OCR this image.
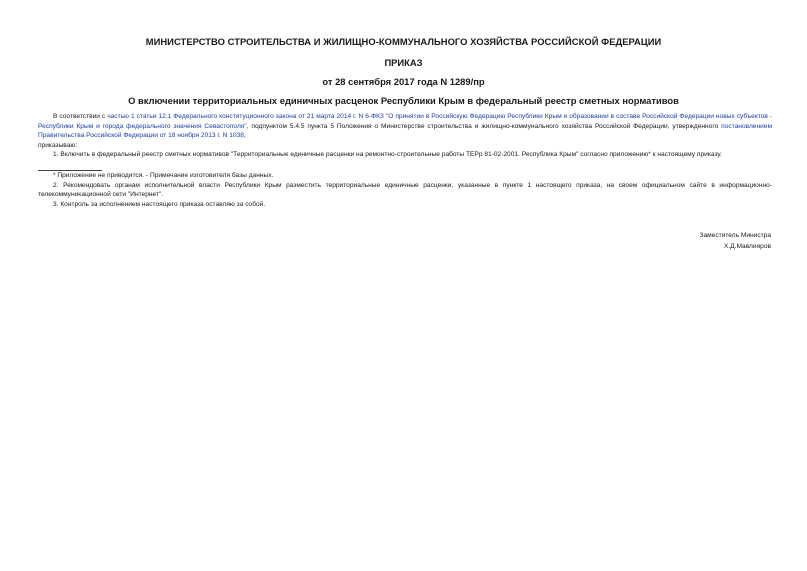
МИНИСТЕРСТВО СТРОИТЕЛЬСТВА И ЖИЛИЩНО-КОММУНАЛЬНОГО ХОЗЯЙСТВА РОССИЙСКОЙ ФЕДЕРАЦИИ
ПРИКАЗ
от 28 сентября 2017 года N 1289/пр
О включении территориальных единичных расценок Республики Крым в федеральный реестр сметных нормативов

В соответствии с частью 1 статьи 12.1 Федерального конституционного закона от 21 марта 2014 г. N 6-ФКЗ "О принятии в Российскую Федерацию Республики Крым и образовании в составе Российской Федерации новых субъектов - Республики Крым и города федерального значения Севастополя", подпунктом 5.4.5 пункта 5 Положения о Министерстве строительства и жилищно-коммунального хозяйства Российской Федерации, утвержденного постановлением Правительства Российской Федерации от 18 ноября 2013 г. N 1038,

приказываю:

1. Включить в федеральный реестр сметных нормативов "Территориальные единичные расценки на ремонтно-строительные работы ТЕРр 81-02-2001. Республика Крым" согласно приложению* к настоящему приказу.

* Приложение не приводится. - Примечание изготовителя базы данных.

2. Рекомендовать органам исполнительной власти Республики Крым разместить территориальные единичные расценки, указанные в пункте 1 настоящего приказа, на своем официальном сайте в информационно-телекоммуникационной сети "Интернет".

3. Контроль за исполнением настоящего приказа оставляю за собой.

Заместитель Министра
Х.Д.Мавлияров
